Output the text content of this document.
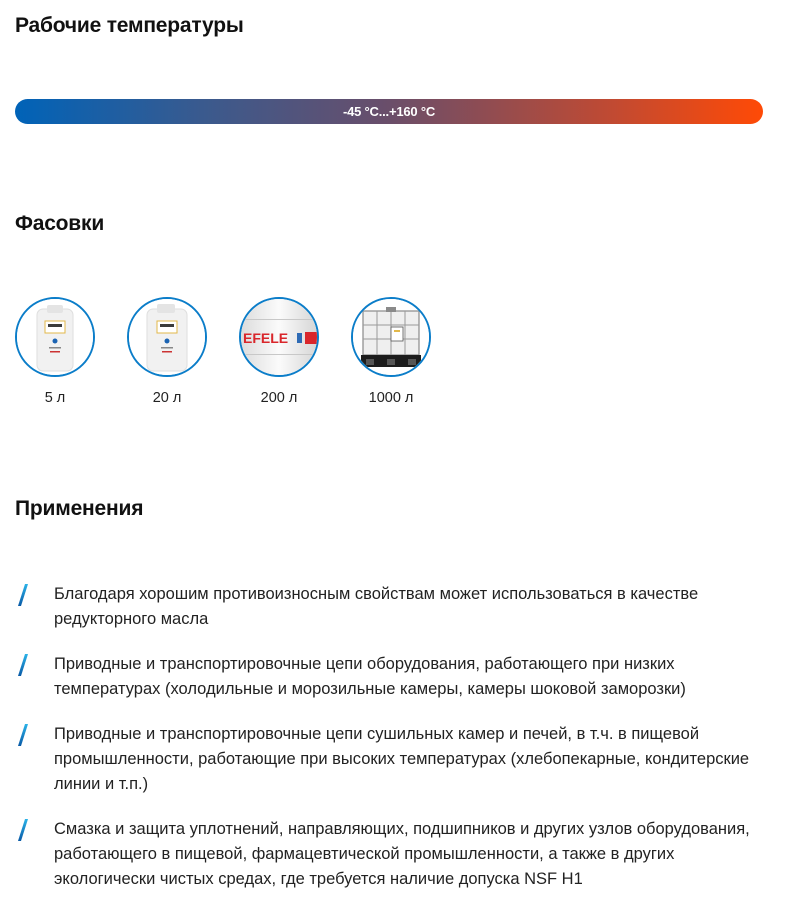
Рабочие температуры
-45 °C...+160 °C
Фасовки
5 л	20 л
EFELE
200 л	1000 л
Применения
Благодаря хорошим противоизносным свойствам может использоваться в качестве редукторного масла
Приводные и транспортировочные цепи оборудования, работающего при низких температурах (холодильные и морозильные камеры, камеры шоковой заморозки)
Приводные и транспортировочные цепи сушильных камер и печей, в т.ч. в пищевой промышленности, работающие при высоких температурах (хлебопекарные, кондитерские линии и т.п.)
Смазка и защита уплотнений, направляющих, подшипников и других узлов оборудования, работающего в пищевой, фармацевтической промышленности, а также в других экологически чистых средах, где требуется наличие допуска NSF H1
